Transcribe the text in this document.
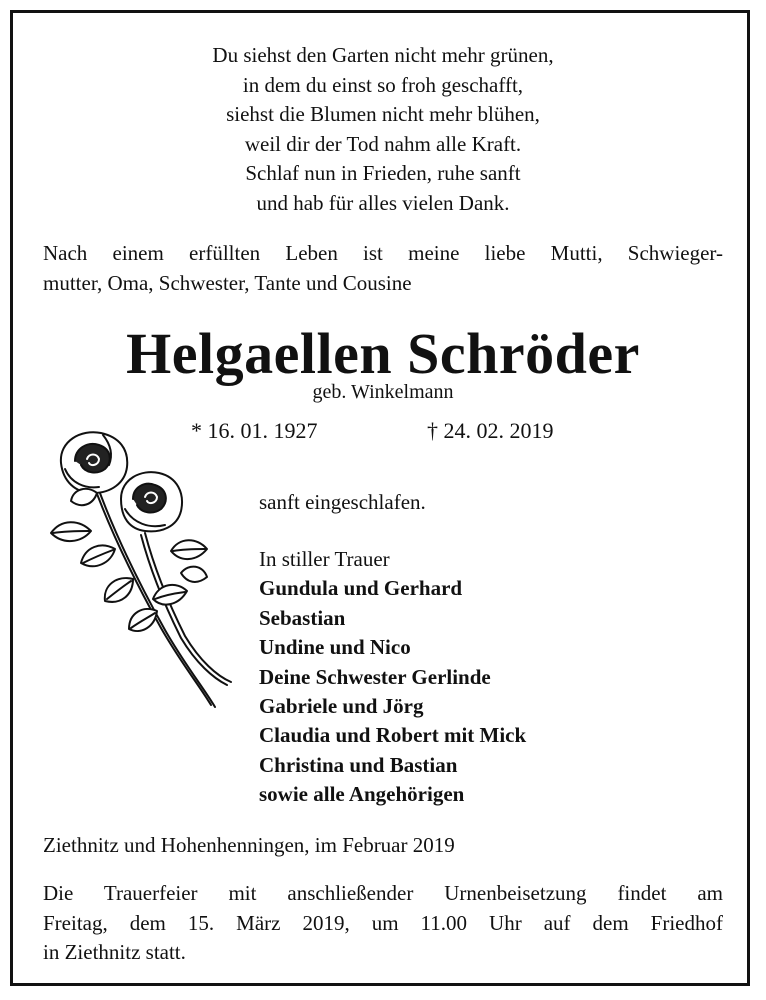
Du siehst den Garten nicht mehr grünen,
in dem du einst so froh geschafft,
siehst die Blumen nicht mehr blühen,
weil dir der Tod nahm alle Kraft.
Schlaf nun in Frieden, ruhe sanft
und hab für alles vielen Dank.
Nach einem erfüllten Leben ist meine liebe Mutti, Schwieger-
mutter, Oma, Schwester, Tante und Cousine
Helgaellen Schröder
geb. Winkelmann
* 16. 01. 1927	† 24. 02. 2019
sanft eingeschlafen.
In stiller Trauer
Gundula und Gerhard
Sebastian
Undine und Nico
Deine Schwester Gerlinde
Gabriele und Jörg
Claudia und Robert mit Mick
Christina und Bastian
sowie alle Angehörigen
Ziethnitz und Hohenhenningen, im Februar 2019
Die Trauerfeier mit anschließender Urnenbeisetzung findet am
Freitag, dem 15. März 2019, um 11.00 Uhr auf dem Friedhof
in Ziethnitz statt.
